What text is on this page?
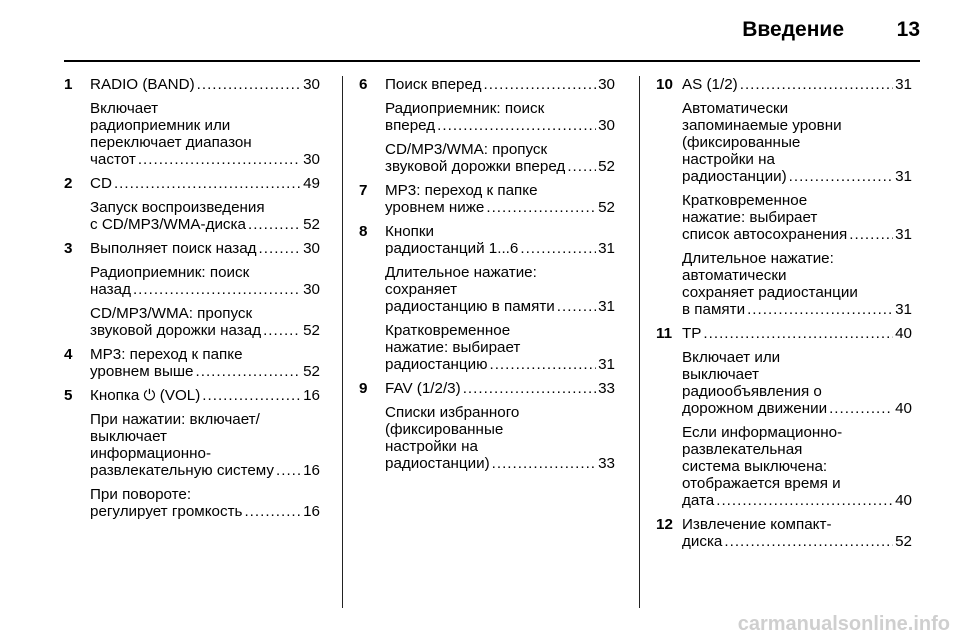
Введение	13
1 RADIO (BAND) .....	30
Включает
радиоприемник или
переключает диапазон
частот .....	30
2 CD .....	49
Запуск воспроизведения
с CD/MP3/WMA-диска .....	52
3 Выполняет поиск назад .....	30
Радиоприемник: поиск
назад .....	30
CD/MP3/WMA: пропуск
звуковой дорожки назад .....	52
4 MP3: переход к папке
уровнем выше .....	52
5 Кнопка ⏻ (VOL) .....	16
При нажатии: включает/
выключает
информационно-
развлекательную систему ..... 16
При повороте:
регулирует громкость .....	16
6 Поиск вперед .....	30
Радиоприемник: поиск
вперед .....	30
CD/MP3/WMA: пропуск
звуковой дорожки вперед ..... 52
7 MP3: переход к папке
уровнем ниже .....	52
8 Кнопки
радиостанций 1...6 .....	31
Длительное нажатие:
сохраняет
радиостанцию в памяти .....	31
Кратковременное
нажатие: выбирает
радиостанцию .....	31
9 FAV (1/2/3) .....	33
Списки избранного
(фиксированные
настройки на
радиостанции) .....	33
10 AS (1/2) .....	31
Автоматически
запоминаемые уровни
(фиксированные
настройки на
радиостанции) .....	31
Кратковременное
нажатие: выбирает
список автосохранения .....	31
Длительное нажатие:
автоматически
сохраняет радиостанции
в памяти .....	31
11 TP .....	40
Включает или
выключает
радиообъявления о
дорожном движении .....	40
Если информационно-
развлекательная
система выключена:
отображается время и
дата .....	40
12 Извлечение компакт-
диска .....	52
carmanualsonline.info
